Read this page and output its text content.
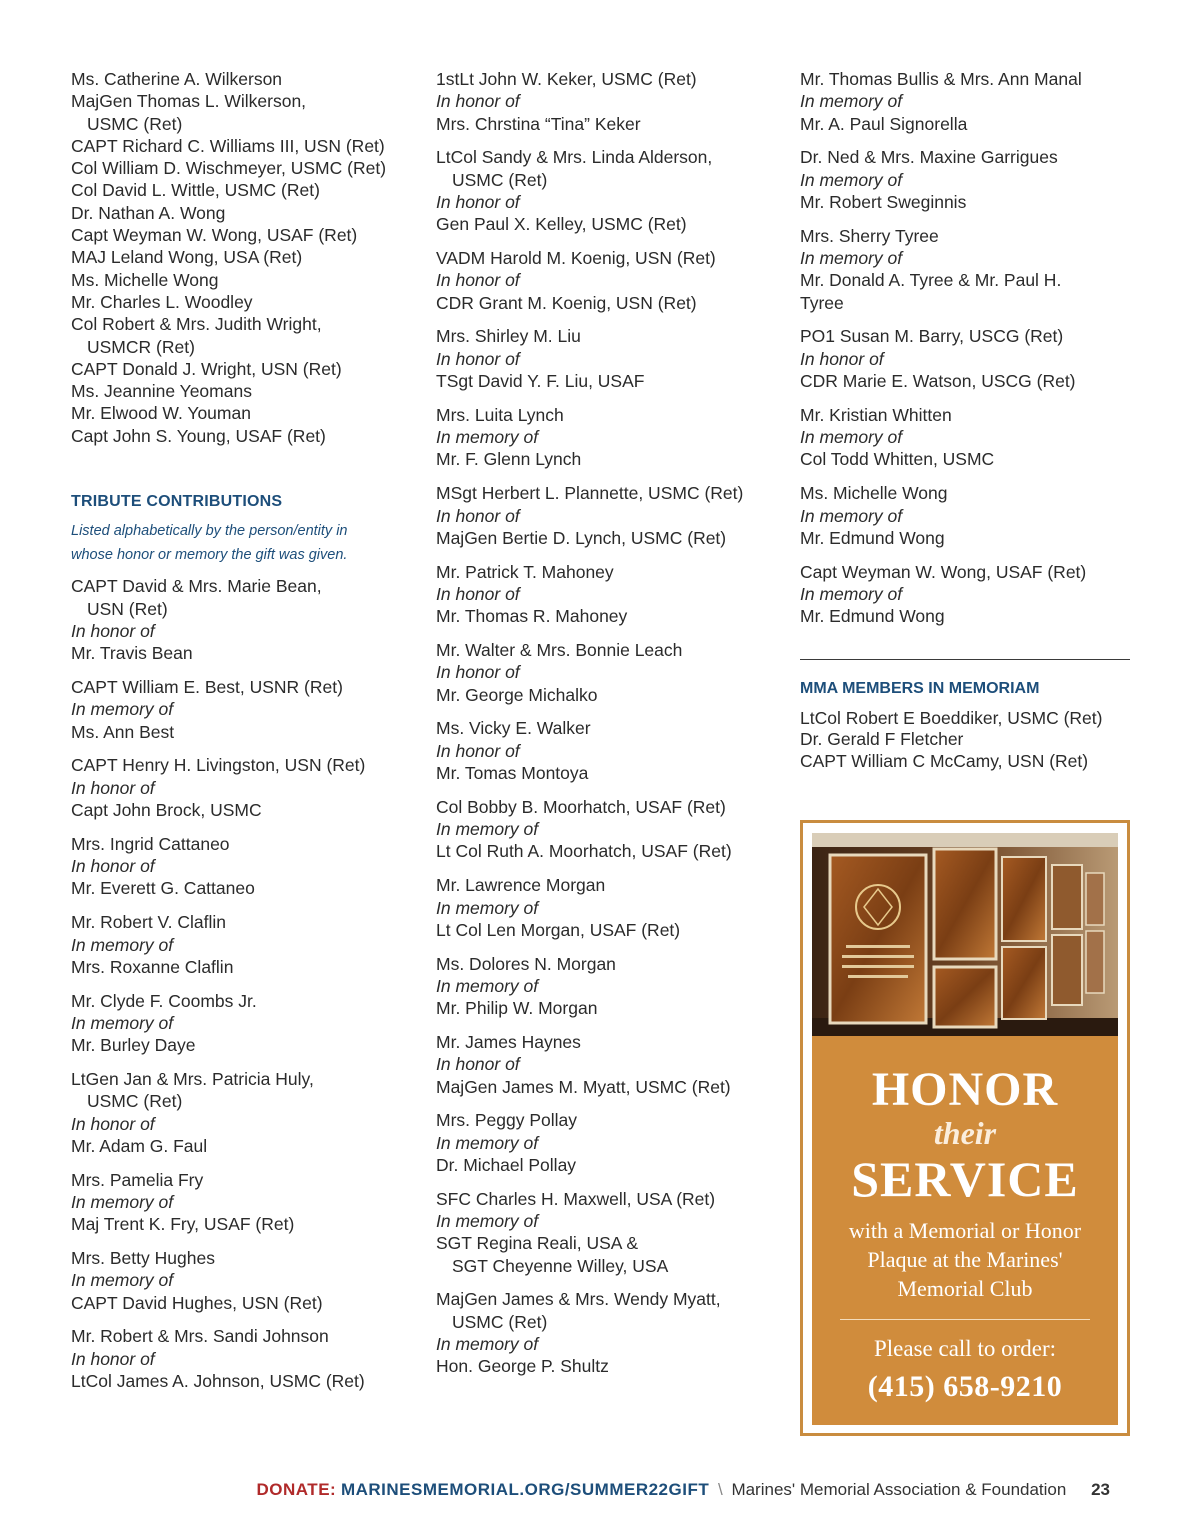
Ms. Catherine A. Wilkerson
MajGen Thomas L. Wilkerson,
USMC (Ret)
CAPT Richard C. Williams III, USN (Ret)
Col William D. Wischmeyer, USMC (Ret)
Col David L. Wittle, USMC (Ret)
Dr. Nathan A. Wong
Capt Weyman W. Wong, USAF (Ret)
MAJ Leland Wong, USA (Ret)
Ms. Michelle Wong
Mr. Charles L. Woodley
Col Robert & Mrs. Judith Wright,
USMCR (Ret)
CAPT Donald J. Wright, USN (Ret)
Ms. Jeannine Yeomans
Mr. Elwood W. Youman
Capt John S. Young, USAF (Ret)
TRIBUTE CONTRIBUTIONS
Listed alphabetically by the person/entity in
whose honor or memory the gift was given.
CAPT David & Mrs. Marie Bean,
USN (Ret)
In honor of
Mr. Travis Bean
CAPT William E. Best, USNR (Ret)
In memory of
Ms. Ann Best
CAPT Henry H. Livingston, USN (Ret)
In honor of
Capt John Brock, USMC
Mrs. Ingrid Cattaneo
In honor of
Mr. Everett G. Cattaneo
Mr. Robert V. Claflin
In memory of
Mrs. Roxanne Claflin
Mr. Clyde F. Coombs Jr.
In memory of
Mr. Burley Daye
LtGen Jan & Mrs. Patricia Huly,
USMC (Ret)
In honor of
Mr. Adam G. Faul
Mrs. Pamelia Fry
In memory of
Maj Trent K. Fry, USAF (Ret)
Mrs. Betty Hughes
In memory of
CAPT David Hughes, USN (Ret)
Mr. Robert & Mrs. Sandi Johnson
In honor of
LtCol James A. Johnson, USMC (Ret)
1stLt John W. Keker, USMC (Ret)
In honor of
Mrs. Chrstina “Tina” Keker
LtCol Sandy & Mrs. Linda Alderson,
USMC (Ret)
In honor of
Gen Paul X. Kelley, USMC (Ret)
VADM Harold M. Koenig, USN (Ret)
In honor of
CDR Grant M. Koenig, USN (Ret)
Mrs. Shirley M. Liu
In honor of
TSgt David Y. F. Liu, USAF
Mrs. Luita Lynch
In memory of
Mr. F. Glenn Lynch
MSgt Herbert L. Plannette, USMC (Ret)
In honor of
MajGen Bertie D. Lynch, USMC (Ret)
Mr. Patrick T. Mahoney
In honor of
Mr. Thomas R. Mahoney
Mr. Walter & Mrs. Bonnie Leach
In honor of
Mr. George Michalko
Ms. Vicky E. Walker
In honor of
Mr. Tomas Montoya
Col Bobby B. Moorhatch, USAF (Ret)
In memory of
Lt Col Ruth A. Moorhatch, USAF (Ret)
Mr. Lawrence Morgan
In memory of
Lt Col Len Morgan, USAF (Ret)
Ms. Dolores N. Morgan
In memory of
Mr. Philip W. Morgan
Mr. James Haynes
In honor of
MajGen James M. Myatt, USMC (Ret)
Mrs. Peggy Pollay
In memory of
Dr. Michael Pollay
SFC Charles H. Maxwell, USA (Ret)
In memory of
SGT Regina Reali, USA &
SGT Cheyenne Willey, USA
MajGen James & Mrs. Wendy Myatt,
USMC (Ret)
In memory of
Hon. George P. Shultz
Mr. Thomas Bullis & Mrs. Ann Manal
In memory of
Mr. A. Paul Signorella
Dr. Ned & Mrs. Maxine Garrigues
In memory of
Mr. Robert Sweginnis
Mrs. Sherry Tyree
In memory of
Mr. Donald A. Tyree & Mr. Paul H.
Tyree
PO1 Susan M. Barry, USCG (Ret)
In honor of
CDR Marie E. Watson, USCG (Ret)
Mr. Kristian Whitten
In memory of
Col Todd Whitten, USMC
Ms. Michelle Wong
In memory of
Mr. Edmund Wong
Capt Weyman W. Wong, USAF (Ret)
In memory of
Mr. Edmund Wong
MMA MEMBERS IN MEMORIAM
LtCol Robert E Boeddiker, USMC (Ret)
Dr. Gerald F Fletcher
CAPT William C McCamy, USN (Ret)
HONOR
their
SERVICE
with a Memorial or Honor
Plaque at the Marines'
Memorial Club
Please call to order:
(415) 658-9210
DONATE: MARINESMEMORIAL.ORG/SUMMER22GIFT \ Marines' Memorial Association & Foundation 23
